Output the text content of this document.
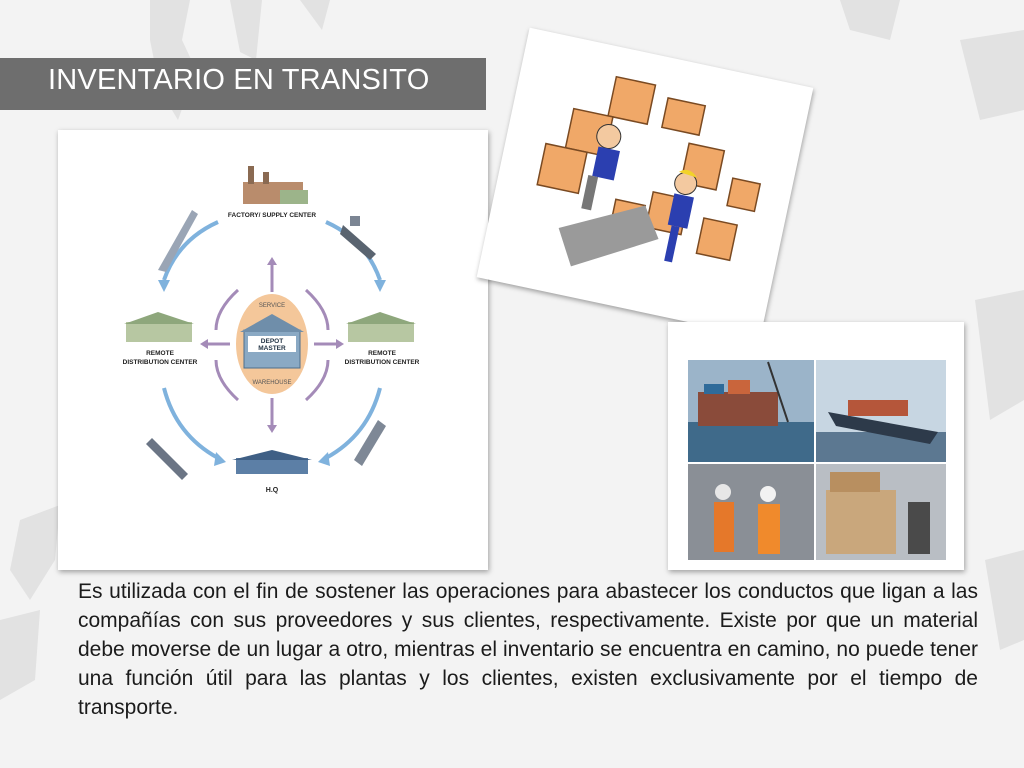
INVENTARIO EN TRANSITO
SERVICE
DEPOT
MASTER
WAREHOUSE
FACTORY/ SUPPLY CENTER
REMOTE
DISTRIBUTION CENTER
REMOTE
DISTRIBUTION CENTER
H.Q

Es utilizada con el fin de sostener las operaciones para abastecer los conductos que ligan a las compañías con sus proveedores y sus clientes, respectivamente. Existe por que un material debe moverse de un lugar a otro, mientras el inventario se encuentra en camino, no puede tener una función útil para las plantas y los clientes, existen exclusivamente por el tiempo de transporte.
